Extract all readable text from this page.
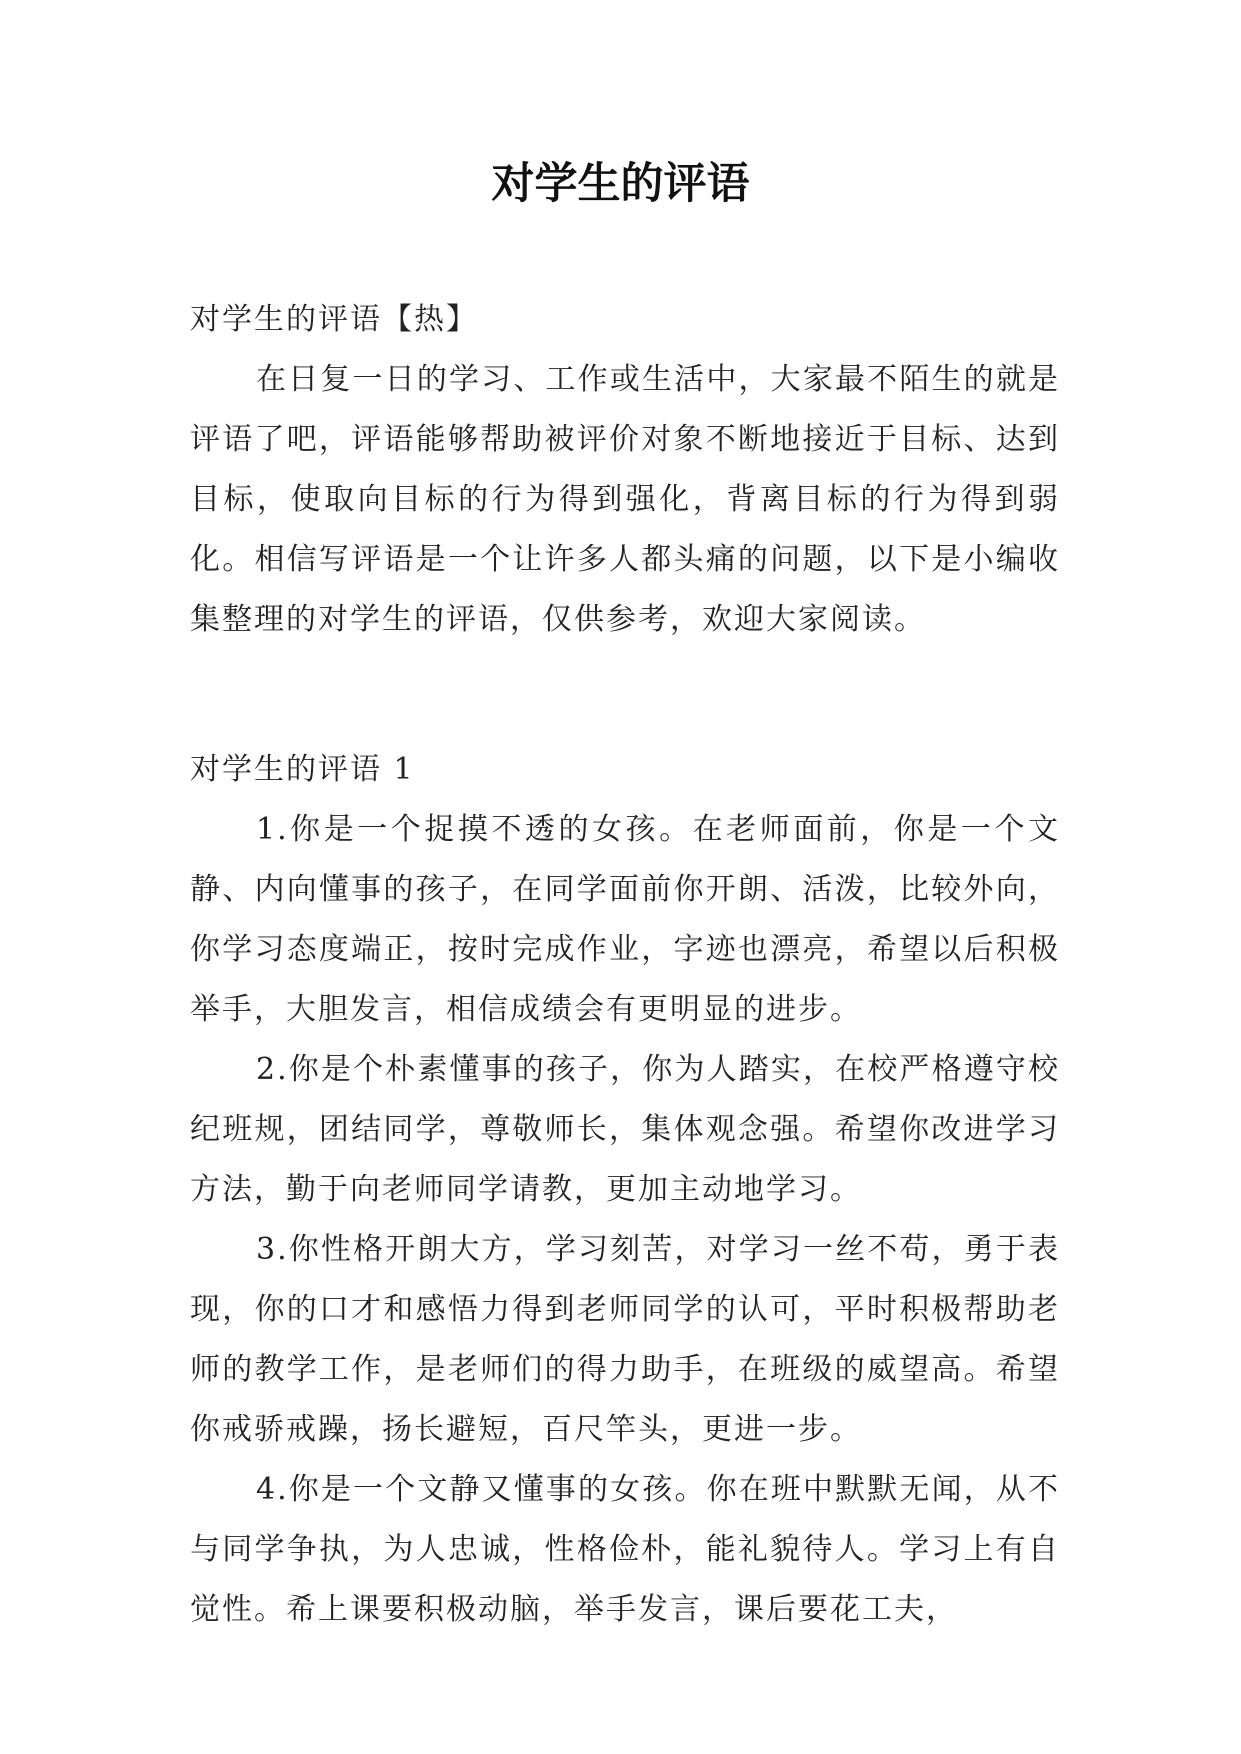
对学生的评语

对学生的评语【热】

在日复一日的学习、工作或生活中，大家最不陌生的就是评语了吧，评语能够帮助被评价对象不断地接近于目标、达到目标，使取向目标的行为得到强化，背离目标的行为得到弱化。相信写评语是一个让许多人都头痛的问题，以下是小编收集整理的对学生的评语，仅供参考，欢迎大家阅读。

对学生的评语 1

1.你是一个捉摸不透的女孩。在老师面前，你是一个文静、内向懂事的孩子，在同学面前你开朗、活泼，比较外向，你学习态度端正，按时完成作业，字迹也漂亮，希望以后积极举手，大胆发言，相信成绩会有更明显的进步。

2.你是个朴素懂事的孩子，你为人踏实，在校严格遵守校纪班规，团结同学，尊敬师长，集体观念强。希望你改进学习方法，勤于向老师同学请教，更加主动地学习。

3.你性格开朗大方，学习刻苦，对学习一丝不苟，勇于表现，你的口才和感悟力得到老师同学的认可，平时积极帮助老师的教学工作，是老师们的得力助手，在班级的威望高。希望你戒骄戒躁，扬长避短，百尺竿头，更进一步。

4.你是一个文静又懂事的女孩。你在班中默默无闻，从不与同学争执，为人忠诚，性格俭朴，能礼貌待人。学习上有自觉性。希上课要积极动脑，举手发言，课后要花工夫，
